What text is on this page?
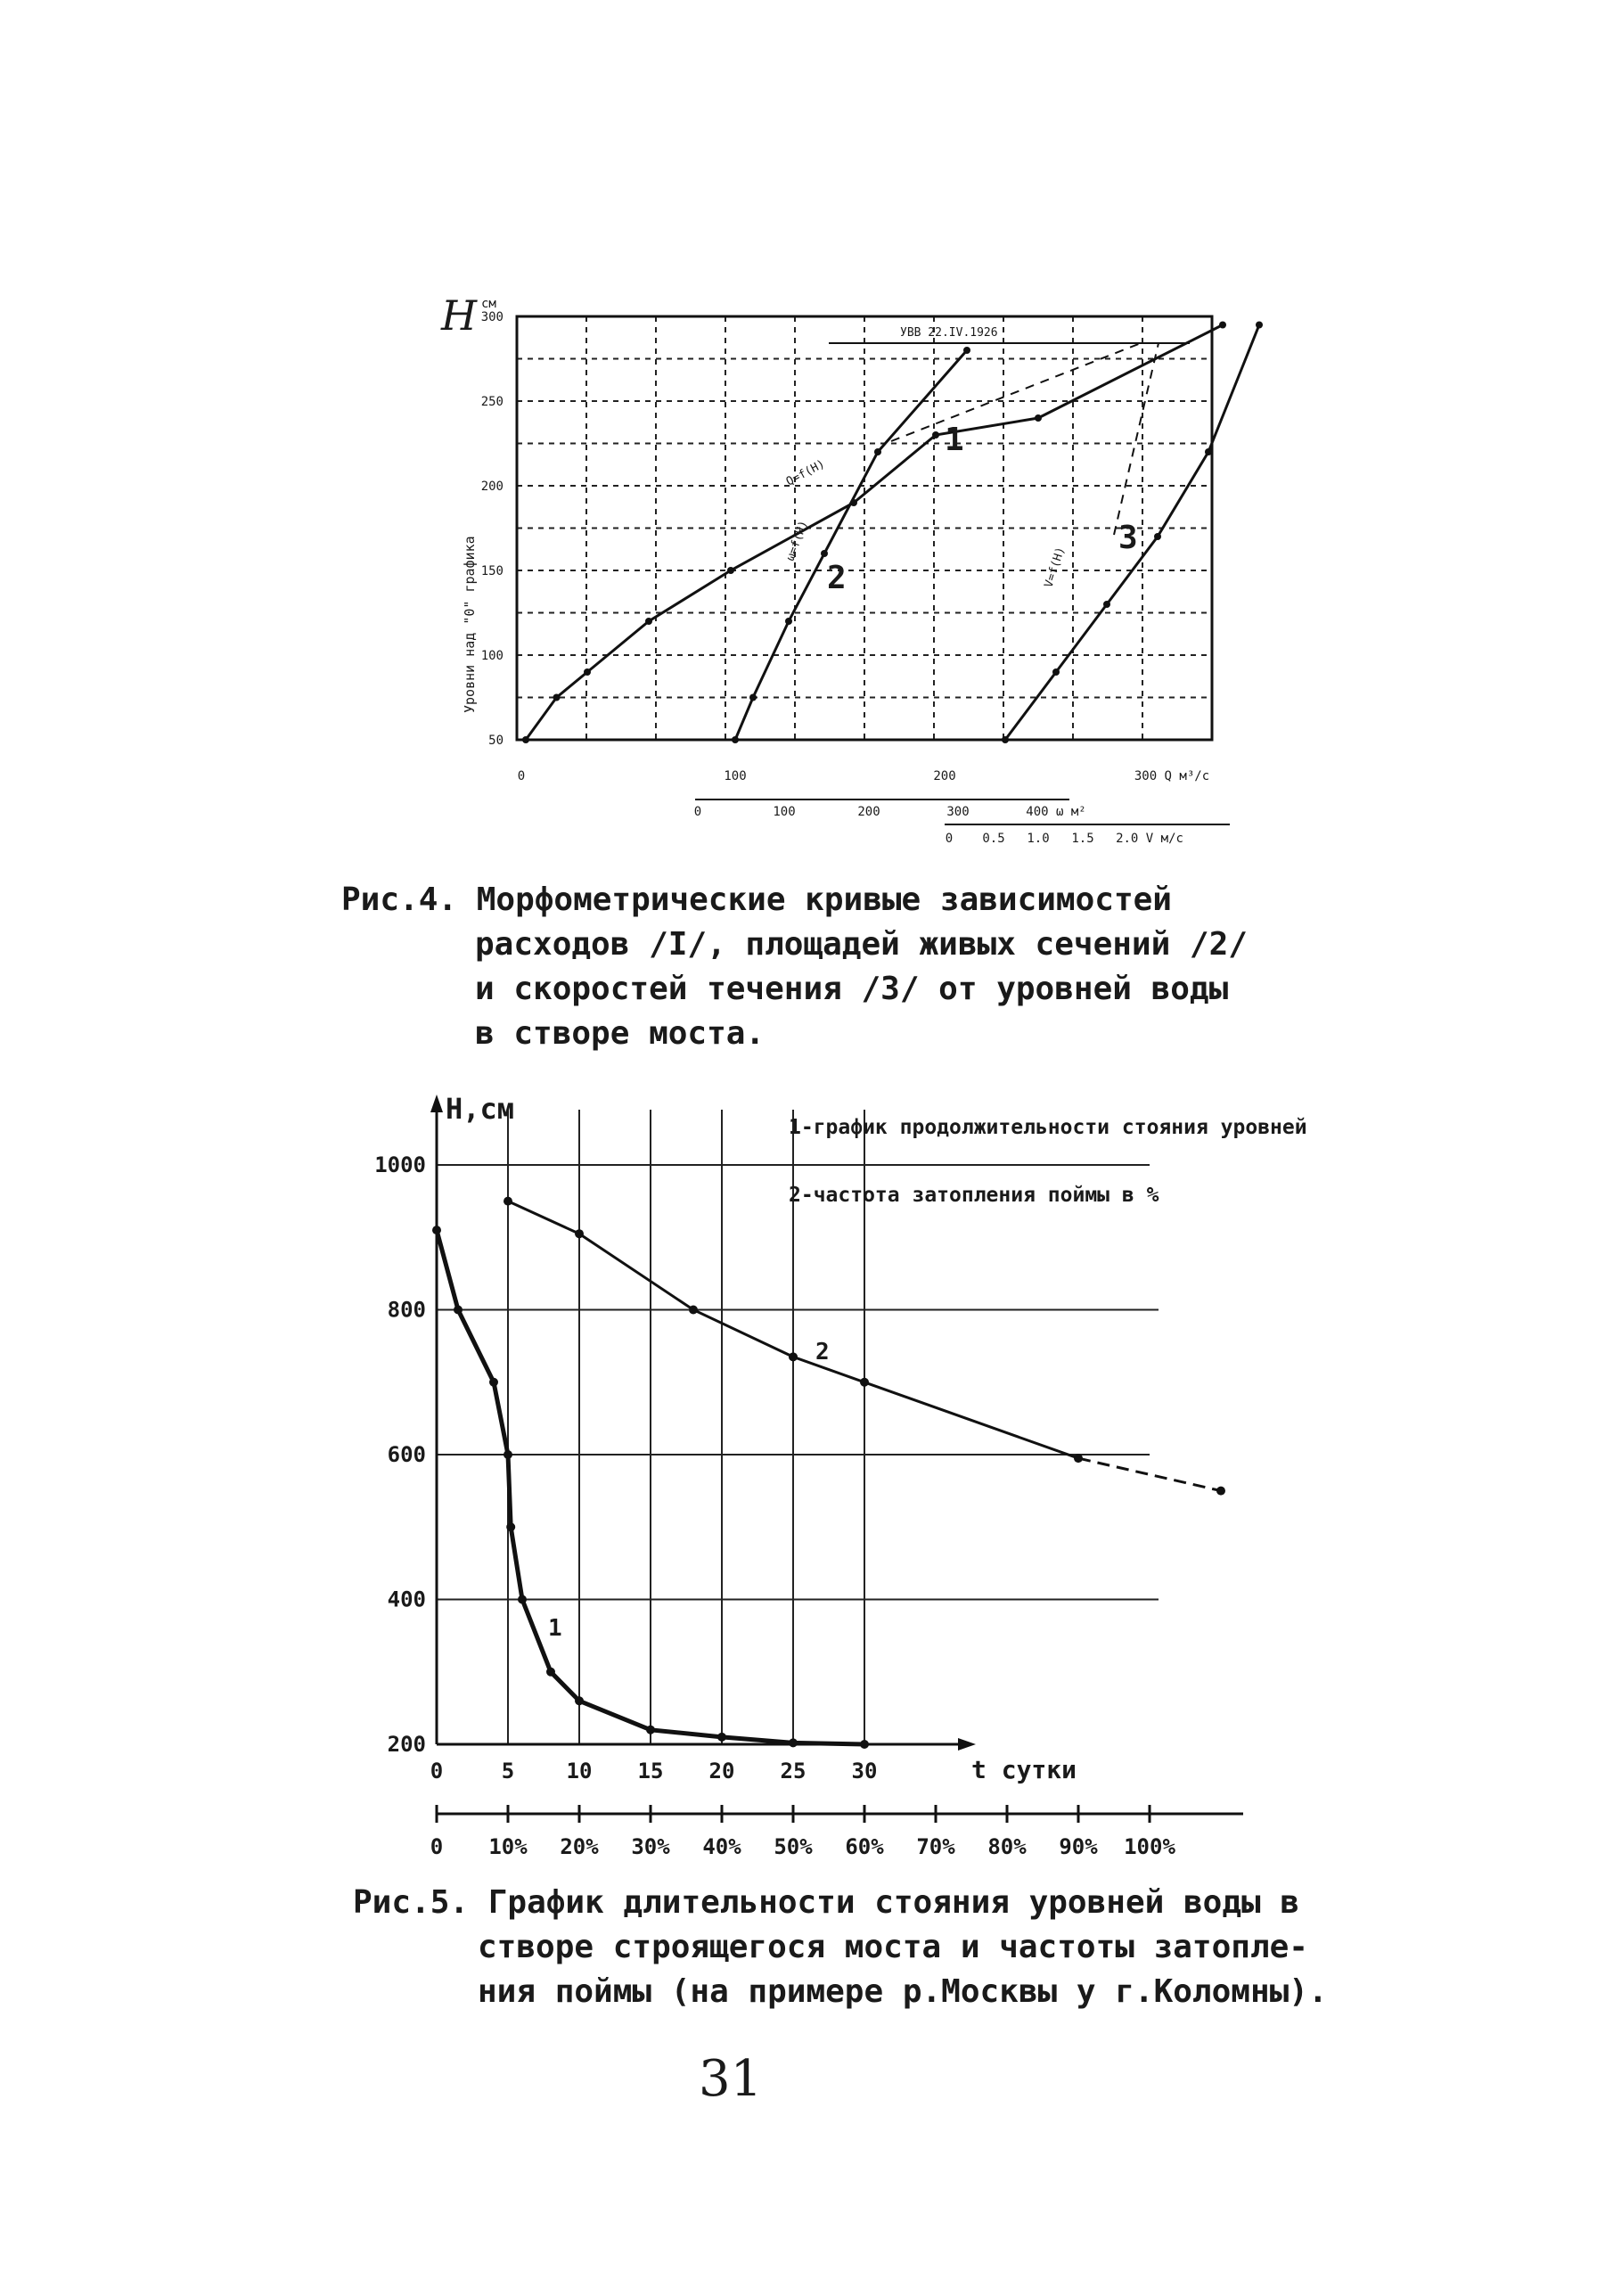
H см
Уровни над "0" графика
300
250
200
150
100
50
0	100	200	300 Q м³/с
0	100	200	300	400 ω м²
0 0.5 1.0 1.5 2.0 V м/с
УВВ 22.IV.1926
1
2
3
Q=f(H)
ω=f(H)
V=f(H)
Рис.4. Морфометрические кривые зависимостей
расходов /I/, площадей живых сечений /2/
и скоростей течения /3/ от уровней воды
в створе моста.
H,см
t сутки
1000
800
600
400
200
0	5 10 15 20 25 30
0 10% 20% 30% 40% 50% 60% 70% 80% 90% 100%
1
2
1-график продолжительности стояния уровней
2-частота затопления поймы в %
Рис.5. График длительности стояния уровней воды в
створе строящегося моста и частоты затопле-
ния поймы (на примере р.Москвы у г.Коломны).
31
